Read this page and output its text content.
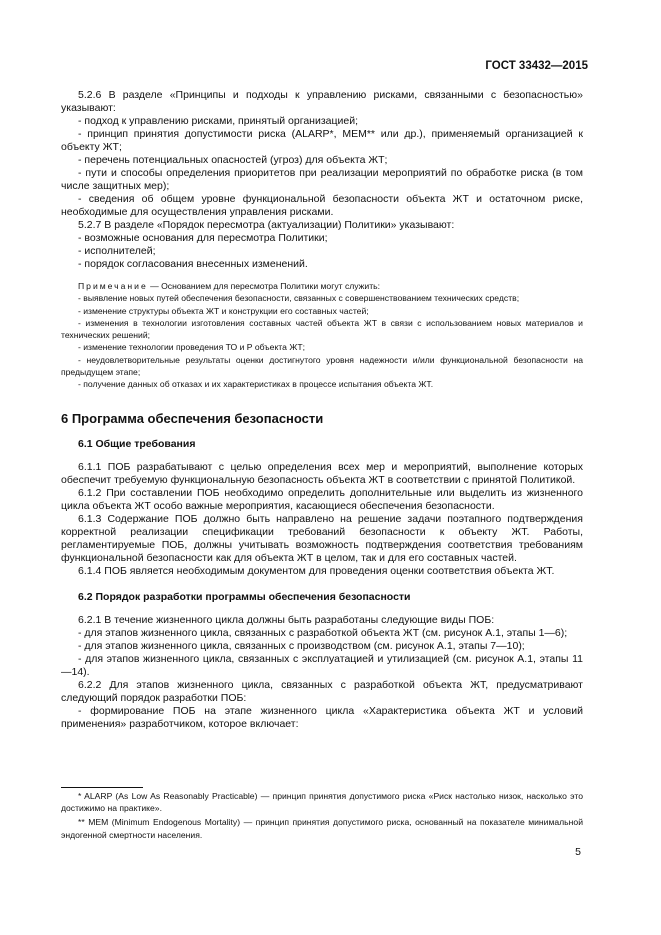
ГОСТ 33432—2015

5.2.6 В разделе «Принципы и подходы к управлению рисками, связанными с безопасностью» указывают:

- подход к управлению рисками, принятый организацией;

- принцип принятия допустимости риска (ALARP*, MEM** или др.), применяемый организацией к объекту ЖТ;

- перечень потенциальных опасностей (угроз) для объекта ЖТ;

- пути и способы определения приоритетов при реализации мероприятий по обработке риска (в том числе защитных мер);

- сведения об общем уровне функциональной безопасности объекта ЖТ и остаточном риске, необходимые для осуществления управления рисками.

5.2.7 В разделе «Порядок пересмотра (актуализации) Политики» указывают:

- возможные основания для пересмотра Политики;

- исполнителей;

- порядок согласования внесенных изменений.

Примечание — Основанием для пересмотра Политики могут служить:

- выявление новых путей обеспечения безопасности, связанных с совершенствованием технических средств;

- изменение структуры объекта ЖТ и конструкции его составных частей;

- изменения в технологии изготовления составных частей объекта ЖТ в связи с использованием новых материалов и технических решений;

- изменение технологии проведения ТО и Р объекта ЖТ;

- неудовлетворительные результаты оценки достигнутого уровня надежности и/или функциональной безопасности на предыдущем этапе;

- получение данных об отказах и их характеристиках в процессе испытания объекта ЖТ.

6 Программа обеспечения безопасности

6.1 Общие требования

6.1.1 ПОБ разрабатывают с целью определения всех мер и мероприятий, выполнение которых обеспечит требуемую функциональную безопасность объекта ЖТ в соответствии с принятой Политикой.

6.1.2 При составлении ПОБ необходимо определить дополнительные или выделить из жизненного цикла объекта ЖТ особо важные мероприятия, касающиеся обеспечения безопасности.

6.1.3 Содержание ПОБ должно быть направлено на решение задачи поэтапного подтверждения корректной реализации спецификации требований безопасности к объекту ЖТ. Работы, регламентируемые ПОБ, должны учитывать возможность подтверждения соответствия требованиям функциональной безопасности как для объекта ЖТ в целом, так и для его составных частей.

6.1.4 ПОБ является необходимым документом для проведения оценки соответствия объекта ЖТ.

6.2 Порядок разработки программы обеспечения безопасности

6.2.1 В течение жизненного цикла должны быть разработаны следующие виды ПОБ:

- для этапов жизненного цикла, связанных с разработкой объекта ЖТ (см. рисунок А.1, этапы 1—6);

- для этапов жизненного цикла, связанных с производством (см. рисунок А.1, этапы 7—10);

- для этапов жизненного цикла, связанных с эксплуатацией и утилизацией (см. рисунок А.1, этапы 11—14).

6.2.2 Для этапов жизненного цикла, связанных с разработкой объекта ЖТ, предусматривают следующий порядок разработки ПОБ:

- формирование ПОБ на этапе жизненного цикла «Характеристика объекта ЖТ и условий применения» разработчиком, которое включает:

* ALARP (As Low As Reasonably Practicable) — принцип принятия допустимого риска «Риск настолько низок, насколько это достижимо на практике».

** MEM (Minimum Endogenous Mortality) — принцип принятия допустимого риска, основанный на показателе минимальной эндогенной смертности населения.

5
